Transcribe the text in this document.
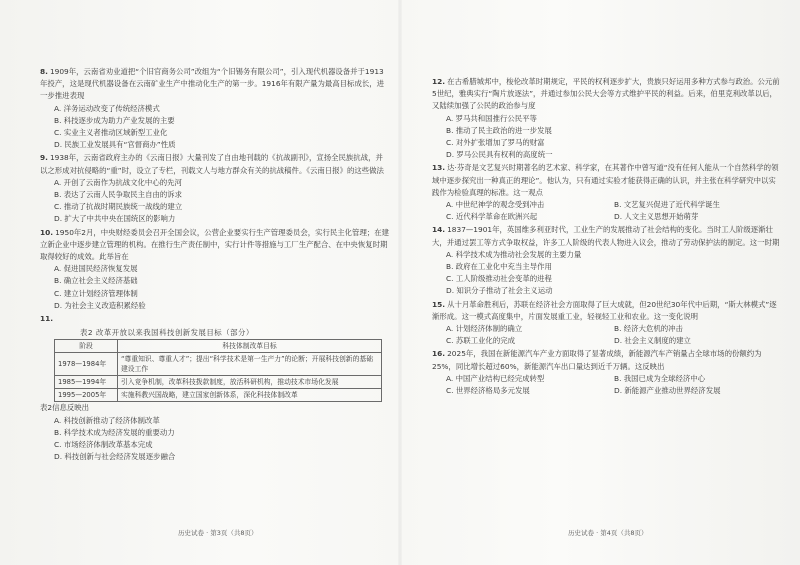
8. 1909年，云南省劝业道把“个旧官商务公司”改组为“个旧锡务有限公司”，引入现代机器设备并于1913年投产，这是现代机器设备在云南矿业生产中推动化生产的第一步。1916年有限产量为最高目标成长，进一步推进表现
A. 洋务运动改变了传统经济模式
B. 科技逐步成为助力产业发展的主要
C. 实业主义者推动区域新型工业化
D. 民族工业发展具有“官督商办”性质
9. 1938年，云南省政府主办的《云南日报》大量刊发了自由地刊载的《抗战副刊》，宣扬全民族抗战，并以之形成对抗侵略的“重”时，设立了专栏，刊载文人与地方群众有关的抗战稿件。《云南日报》的这些做法
A. 开创了云南作为抗战文化中心的先河
B. 表达了云南人民争取民主自由的诉求
C. 推动了抗战时期民族统一战线的建立
D. 扩大了中共中央在国统区的影响力
10. 1950年2月，中央财经委员会召开全国会议，公营企业要实行生产管理委员会，实行民主化管理；在建立新企业中逐步建立管理的机构。在推行生产责任制中，实行计件等措施与工厂生产配合、在中央恢复时期取得较好的成效。此举旨在
A. 促进国民经济恢复发展
B. 确立社会主义经济基础
C. 建立计划经济管理体制
D. 为社会主义改造积累经验
11.
表2 改革开放以来我国科技创新发展目标（部分）
阶段	科技体制改革目标
1978—1984年	“尊重知识、尊重人才”；提出“科学技术是第一生产力”的论断；开展科技创新的基础建设工作
1985—1994年	引入竞争机制，改革科技拨款制度，放活科研机构，推动技术市场化发展
1995—2005年	实施科教兴国战略，建立国家创新体系，深化科技体制改革
表2信息反映出
A. 科技创新推动了经济体制改革
B. 科学技术成为经济发展的重要动力
C. 市场经济体制改革基本完成
D. 科技创新与社会经济发展逐步融合
历史试卷 · 第3页（共8页）
12. 在古希腊城邦中，梭伦改革时期规定，平民的权利逐步扩大，贵族只好运用多种方式参与政治。公元前5世纪，雅典实行“陶片放逐法”，并通过参加公民大会等方式维护平民的利益。后来，伯里克利改革以后，又陆续加强了公民的政治参与度
A. 罗马共和国推行公民平等
B. 推动了民主政治的进一步发展
C. 对外扩张增加了罗马的财富
D. 罗马公民具有权利的高度统一
13. 达·芬奇是文艺复兴时期著名的艺术家、科学家，在其著作中曾写道“没有任何人能从一个自然科学的领域中逐步探究出一种真正的理论”。他认为，只有通过实验才能获得正确的认识，并主张在科学研究中以实践作为检验真理的标准。这一观点
A. 中世纪神学的观念受到冲击	B. 文艺复兴促进了近代科学诞生
C. 近代科学革命在欧洲兴起	D. 人文主义思想开始萌芽
14. 1837—1901年，英国维多利亚时代，工业生产的发展推动了社会结构的变化。当时工人阶级逐渐壮大，并通过罢工等方式争取权益，许多工人阶级的代表人物进入议会，推动了劳动保护法的制定。这一时期
A. 科学技术成为推动社会发展的主要力量
B. 政府在工业化中充当主导作用
C. 工人阶级推动社会变革的进程
D. 知识分子推动了社会主义运动
15. 从十月革命胜利后，苏联在经济社会方面取得了巨大成就，但20世纪30年代中后期，“斯大林模式”逐渐形成。这一模式高度集中，片面发展重工业，轻视轻工业和农业。这一变化说明
A. 计划经济体制的确立	B. 经济大危机的冲击
C. 苏联工业化的完成	D. 社会主义制度的建立
16. 2025年，我国在新能源汽车产业方面取得了显著成绩，新能源汽车产销量占全球市场的份额约为25%，同比增长超过60%，新能源汽车出口量达到近千万辆。这反映出
A. 中国产业结构已经完成转型	B. 我国已成为全球经济中心
C. 世界经济格局多元发展	D. 新能源产业推动世界经济发展
历史试卷 · 第4页（共8页）
